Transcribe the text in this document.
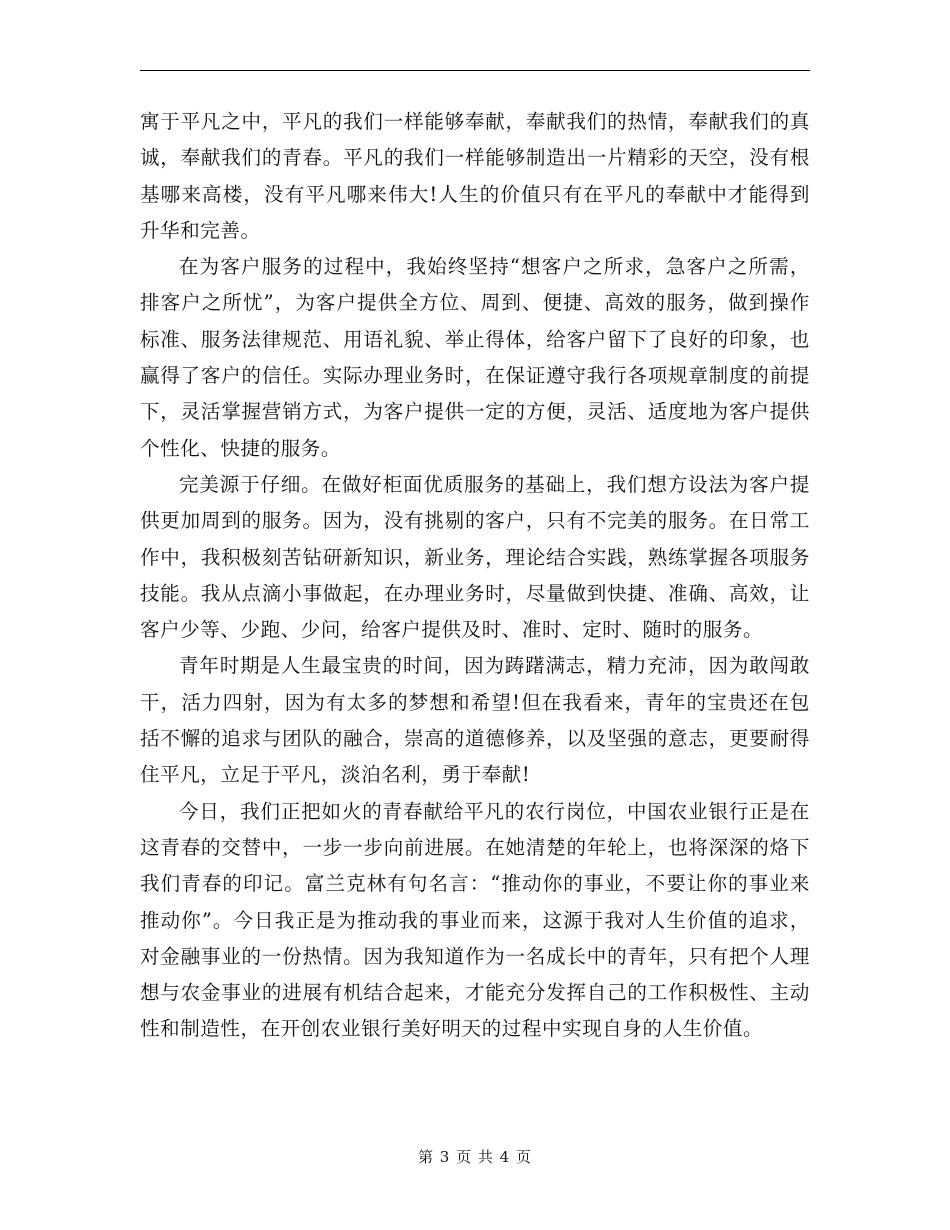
寓于平凡之中，平凡的我们一样能够奉献，奉献我们的热情，奉献我们的真诚，奉献我们的青春。平凡的我们一样能够制造出一片精彩的天空，没有根基哪来高楼，没有平凡哪来伟大!人生的价值只有在平凡的奉献中才能得到升华和完善。

在为客户服务的过程中，我始终坚持“想客户之所求，急客户之所需，排客户之所忧”，为客户提供全方位、周到、便捷、高效的服务，做到操作标准、服务法律规范、用语礼貌、举止得体，给客户留下了良好的印象，也赢得了客户的信任。实际办理业务时，在保证遵守我行各项规章制度的前提下，灵活掌握营销方式，为客户提供一定的方便，灵活、适度地为客户提供个性化、快捷的服务。

完美源于仔细。在做好柜面优质服务的基础上，我们想方设法为客户提供更加周到的服务。因为，没有挑剔的客户，只有不完美的服务。在日常工作中，我积极刻苦钻研新知识，新业务，理论结合实践，熟练掌握各项服务技能。我从点滴小事做起，在办理业务时，尽量做到快捷、准确、高效，让客户少等、少跑、少问，给客户提供及时、准时、定时、随时的服务。

青年时期是人生最宝贵的时间，因为踌躇满志，精力充沛，因为敢闯敢干，活力四射，因为有太多的梦想和希望!但在我看来，青年的宝贵还在包括不懈的追求与团队的融合，崇高的道德修养，以及坚强的意志，更要耐得住平凡，立足于平凡，淡泊名利，勇于奉献!

今日，我们正把如火的青春献给平凡的农行岗位，中国农业银行正是在这青春的交替中，一步一步向前进展。在她清楚的年轮上，也将深深的烙下我们青春的印记。富兰克林有句名言：“推动你的事业，不要让你的事业来推动你”。今日我正是为推动我的事业而来，这源于我对人生价值的追求，对金融事业的一份热情。因为我知道作为一名成长中的青年，只有把个人理想与农金事业的进展有机结合起来，才能充分发挥自己的工作积极性、主动性和制造性，在开创农业银行美好明天的过程中实现自身的人生价值。

第 3 页 共 4 页
